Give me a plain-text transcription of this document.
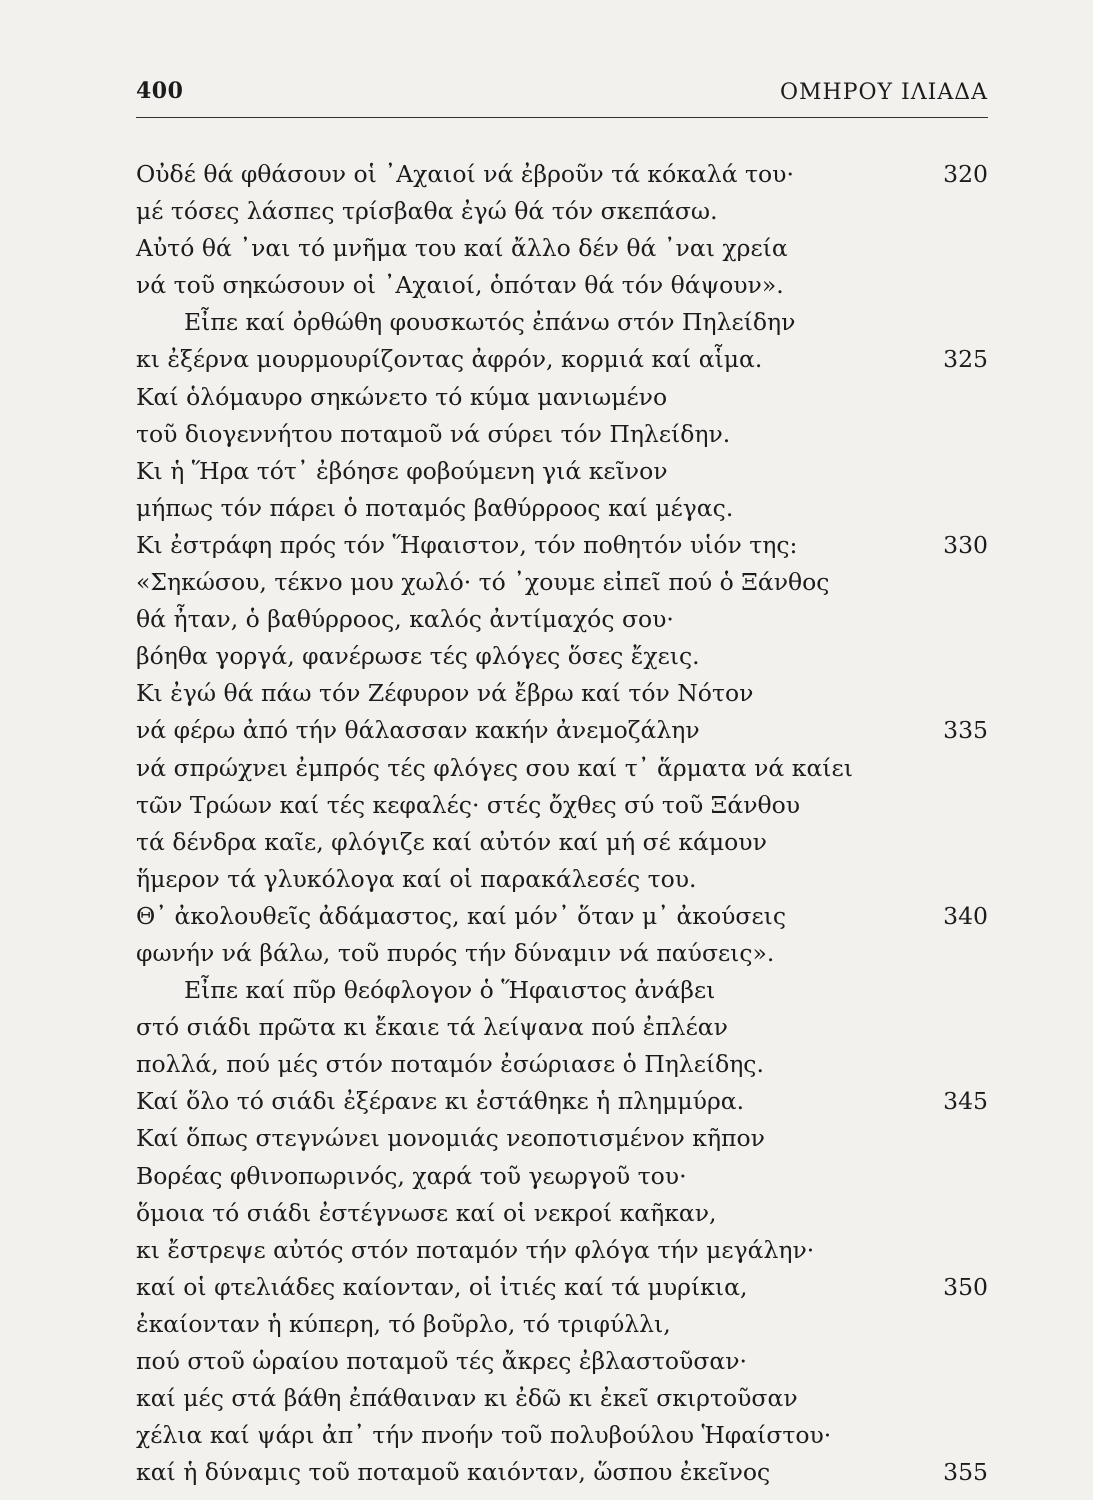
400	ΟΜΗΡΟΥ ΙΛΙΑΔΑ
Οὐδέ θά φθάσουν οἱ ᾽Αχαιοί νά ἐβροῦν τά κόκαλά του·	320
μέ τόσες λάσπες τρίσβαθα ἐγώ θά τόν σκεπάσω.
Αὐτό θά ᾽ναι τό μνῆμα του καί ἄλλο δέν θά ᾽ναι χρεία
νά τοῦ σηκώσουν οἱ ᾽Αχαιοί, ὁπόταν θά τόν θάψουν».
Εἶπε καί ὀρθώθη φουσκωτός ἐπάνω στόν Πηλείδην
κι ἐξέρνα μουρμουρίζοντας ἀφρόν, κορμιά καί αἷμα.	325
Καί ὁλόμαυρο σηκώνετο τό κύμα μανιωμένο
τοῦ διογεννήτου ποταμοῦ νά σύρει τόν Πηλείδην.
Κι ἡ Ἥρα τότ᾽ ἐβόησε φοβούμενη γιά κεῖνον
μήπως τόν πάρει ὁ ποταμός βαθύρροος καί μέγας.
Κι ἐστράφη πρός τόν Ἥφαιστον, τόν ποθητόν υἱόν της:	330
«Σηκώσου, τέκνο μου χωλό· τό ᾽χουμε εἰπεῖ πού ὁ Ξάνθος
θά ἦταν, ὁ βαθύρροος, καλός ἀντίμαχός σου·
βόηθα γοργά, φανέρωσε τές φλόγες ὅσες ἔχεις.
Κι ἐγώ θά πάω τόν Ζέφυρον νά ἔβρω καί τόν Νότον
νά φέρω ἀπό τήν θάλασσαν κακήν ἀνεμοζάλην	335
νά σπρώχνει ἐμπρός τές φλόγες σου καί τ᾽ ἅρματα νά καίει
τῶν Τρώων καί τές κεφαλές· στές ὄχθες σύ τοῦ Ξάνθου
τά δένδρα καῖε, φλόγιζε καί αὐτόν καί μή σέ κάμουν
ἥμερον τά γλυκόλογα καί οἱ παρακάλεσές του.
Θ᾽ ἀκολουθεῖς ἀδάμαστος, καί μόν᾽ ὅταν μ᾽ ἀκούσεις	340
φωνήν νά βάλω, τοῦ πυρός τήν δύναμιν νά παύσεις».
Εἶπε καί πῦρ θεόφλογον ὁ Ἥφαιστος ἀνάβει
στό σιάδι πρῶτα κι ἔκαιε τά λείψανα πού ἐπλέαν
πολλά, πού μές στόν ποταμόν ἐσώριασε ὁ Πηλείδης.
Καί ὅλο τό σιάδι ἐξέρανε κι ἐστάθηκε ἡ πλημμύρα.	345
Καί ὅπως στεγνώνει μονομιάς νεοποτισμένον κῆπον
Βορέας φθινοπωρινός, χαρά τοῦ γεωργοῦ του·
ὅμοια τό σιάδι ἐστέγνωσε καί οἱ νεκροί καῆκαν,
κι ἔστρεψε αὐτός στόν ποταμόν τήν φλόγα τήν μεγάλην·
καί οἱ φτελιάδες καίονταν, οἱ ἰτιές καί τά μυρίκια,	350
ἐκαίονταν ἡ κύπερη, τό βοῦρλο, τό τριφύλλι,
πού στοῦ ὡραίου ποταμοῦ τές ἄκρες ἐβλαστοῦσαν·
καί μές στά βάθη ἐπάθαιναν κι ἐδῶ κι ἐκεῖ σκιρτοῦσαν
χέλια καί ψάρι ἀπ᾽ τήν πνοήν τοῦ πολυβούλου Ἡφαίστου·
καί ἡ δύναμις τοῦ ποταμοῦ καιόνταν, ὥσπου ἐκεῖνος	355
